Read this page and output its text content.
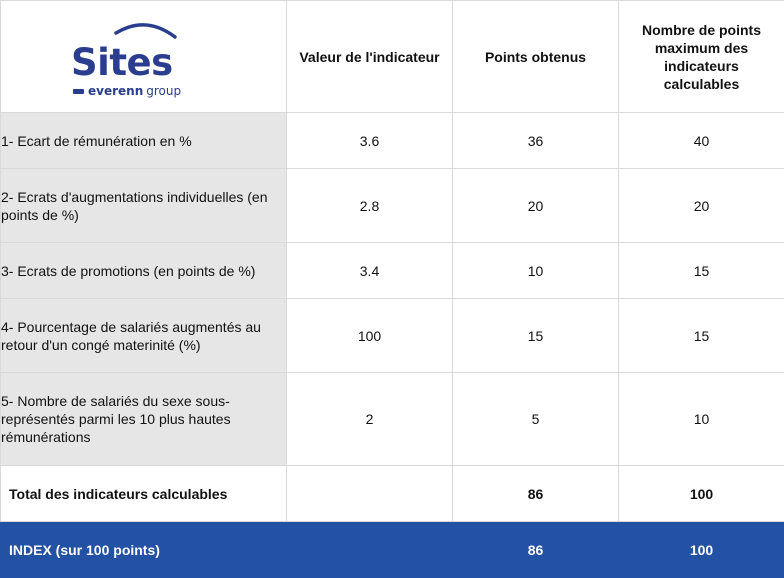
Sites
everenn group	Valeur de l'indicateur	Points obtenus	Nombre de points maximum des indicateurs calculables
1- Ecart de rémunération en %	3.6	36	40
2- Ecrats d'augmentations individuelles (en points de %)	2.8	20	20
3- Ecrats de promotions (en points de %)	3.4	10	15
4- Pourcentage de salariés augmentés au retour d'un congé materinité (%)	100	15	15
5- Nombre de salariés du sexe sous-représentés parmi les 10 plus hautes rémunérations	2	5	10
Total des indicateurs calculables		86	100
INDEX (sur 100 points)		86	100
